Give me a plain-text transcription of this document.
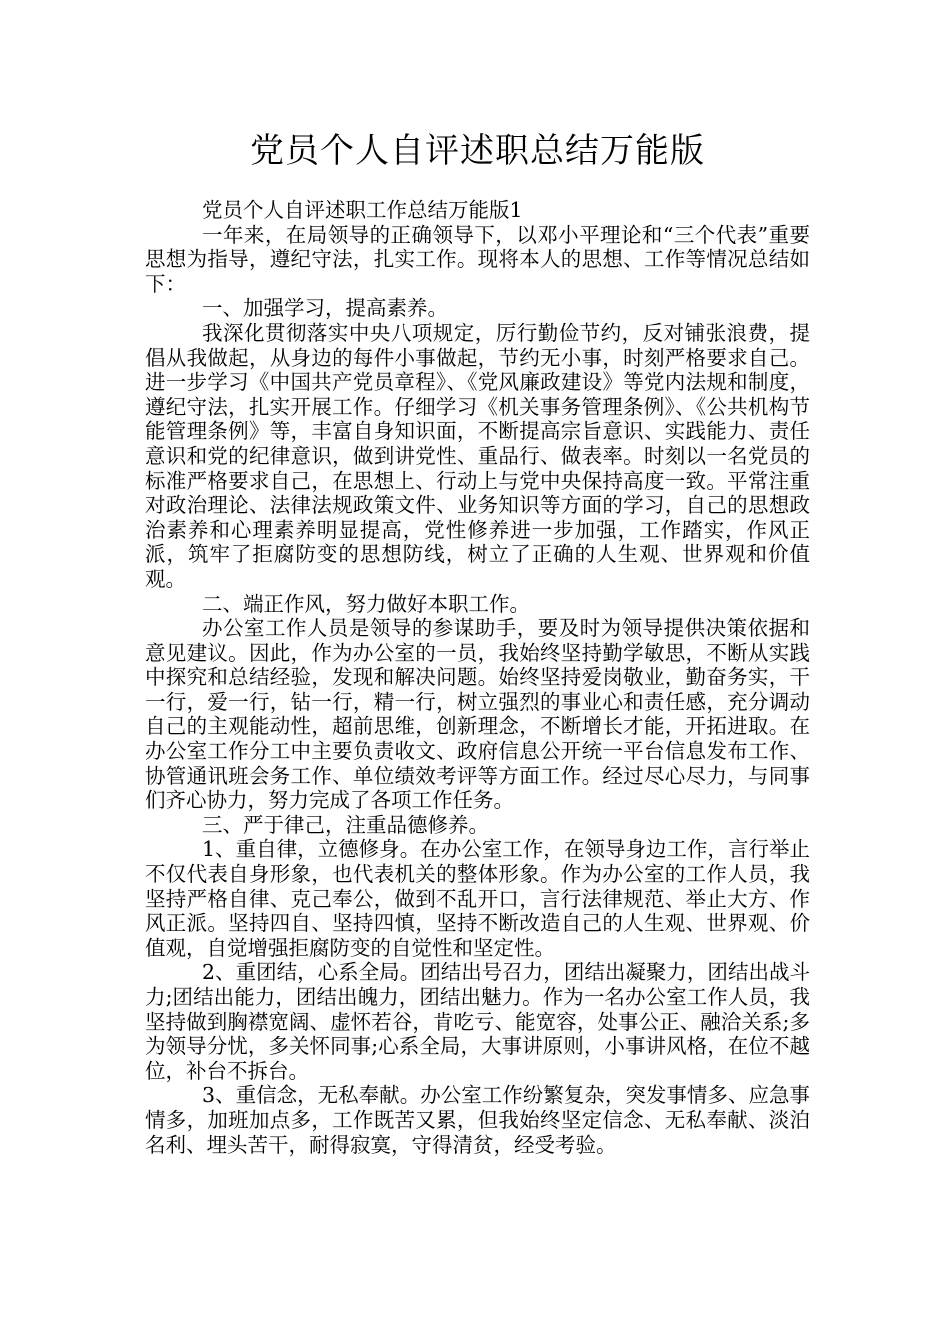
党员个人自评述职总结万能版

党员个人自评述职工作总结万能版1

一年来，在局领导的正确领导下，以邓小平理论和“三个代表”重要思想为指导，遵纪守法，扎实工作。现将本人的思想、工作等情况总结如下：

一、加强学习，提高素养。

我深化贯彻落实中央八项规定，厉行勤俭节约，反对铺张浪费，提倡从我做起，从身边的每件小事做起，节约无小事，时刻严格要求自己。进一步学习《中国共产党员章程》、《党风廉政建设》等党内法规和制度，遵纪守法，扎实开展工作。仔细学习《机关事务管理条例》、《公共机构节能管理条例》等，丰富自身知识面，不断提高宗旨意识、实践能力、责任意识和党的纪律意识，做到讲党性、重品行、做表率。时刻以一名党员的标准严格要求自己，在思想上、行动上与党中央保持高度一致。平常注重对政治理论、法律法规政策文件、业务知识等方面的学习，自己的思想政治素养和心理素养明显提高，党性修养进一步加强，工作踏实，作风正派，筑牢了拒腐防变的思想防线，树立了正确的人生观、世界观和价值观。

二、端正作风，努力做好本职工作。

办公室工作人员是领导的参谋助手，要及时为领导提供决策依据和意见建议。因此，作为办公室的一员，我始终坚持勤学敏思，不断从实践中探究和总结经验，发现和解决问题。始终坚持爱岗敬业，勤奋务实，干一行，爱一行，钻一行，精一行，树立强烈的事业心和责任感，充分调动自己的主观能动性，超前思维，创新理念，不断增长才能，开拓进取。在办公室工作分工中主要负责收文、政府信息公开统一平台信息发布工作、协管通讯班会务工作、单位绩效考评等方面工作。经过尽心尽力，与同事们齐心协力，努力完成了各项工作任务。

三、严于律己，注重品德修养。

1、重自律，立德修身。在办公室工作，在领导身边工作，言行举止不仅代表自身形象，也代表机关的整体形象。作为办公室的工作人员，我坚持严格自律、克己奉公，做到不乱开口，言行法律规范、举止大方、作风正派。坚持四自、坚持四慎，坚持不断改造自己的人生观、世界观、价值观，自觉增强拒腐防变的自觉性和坚定性。

2、重团结，心系全局。团结出号召力，团结出凝聚力，团结出战斗力;团结出能力，团结出魄力，团结出魅力。作为一名办公室工作人员，我坚持做到胸襟宽阔、虚怀若谷，肯吃亏、能宽容，处事公正、融洽关系;多为领导分忧，多关怀同事;心系全局，大事讲原则，小事讲风格，在位不越位，补台不拆台。

3、重信念，无私奉献。办公室工作纷繁复杂，突发事情多、应急事情多，加班加点多，工作既苦又累，但我始终坚定信念、无私奉献、淡泊名利、埋头苦干，耐得寂寞，守得清贫，经受考验。
